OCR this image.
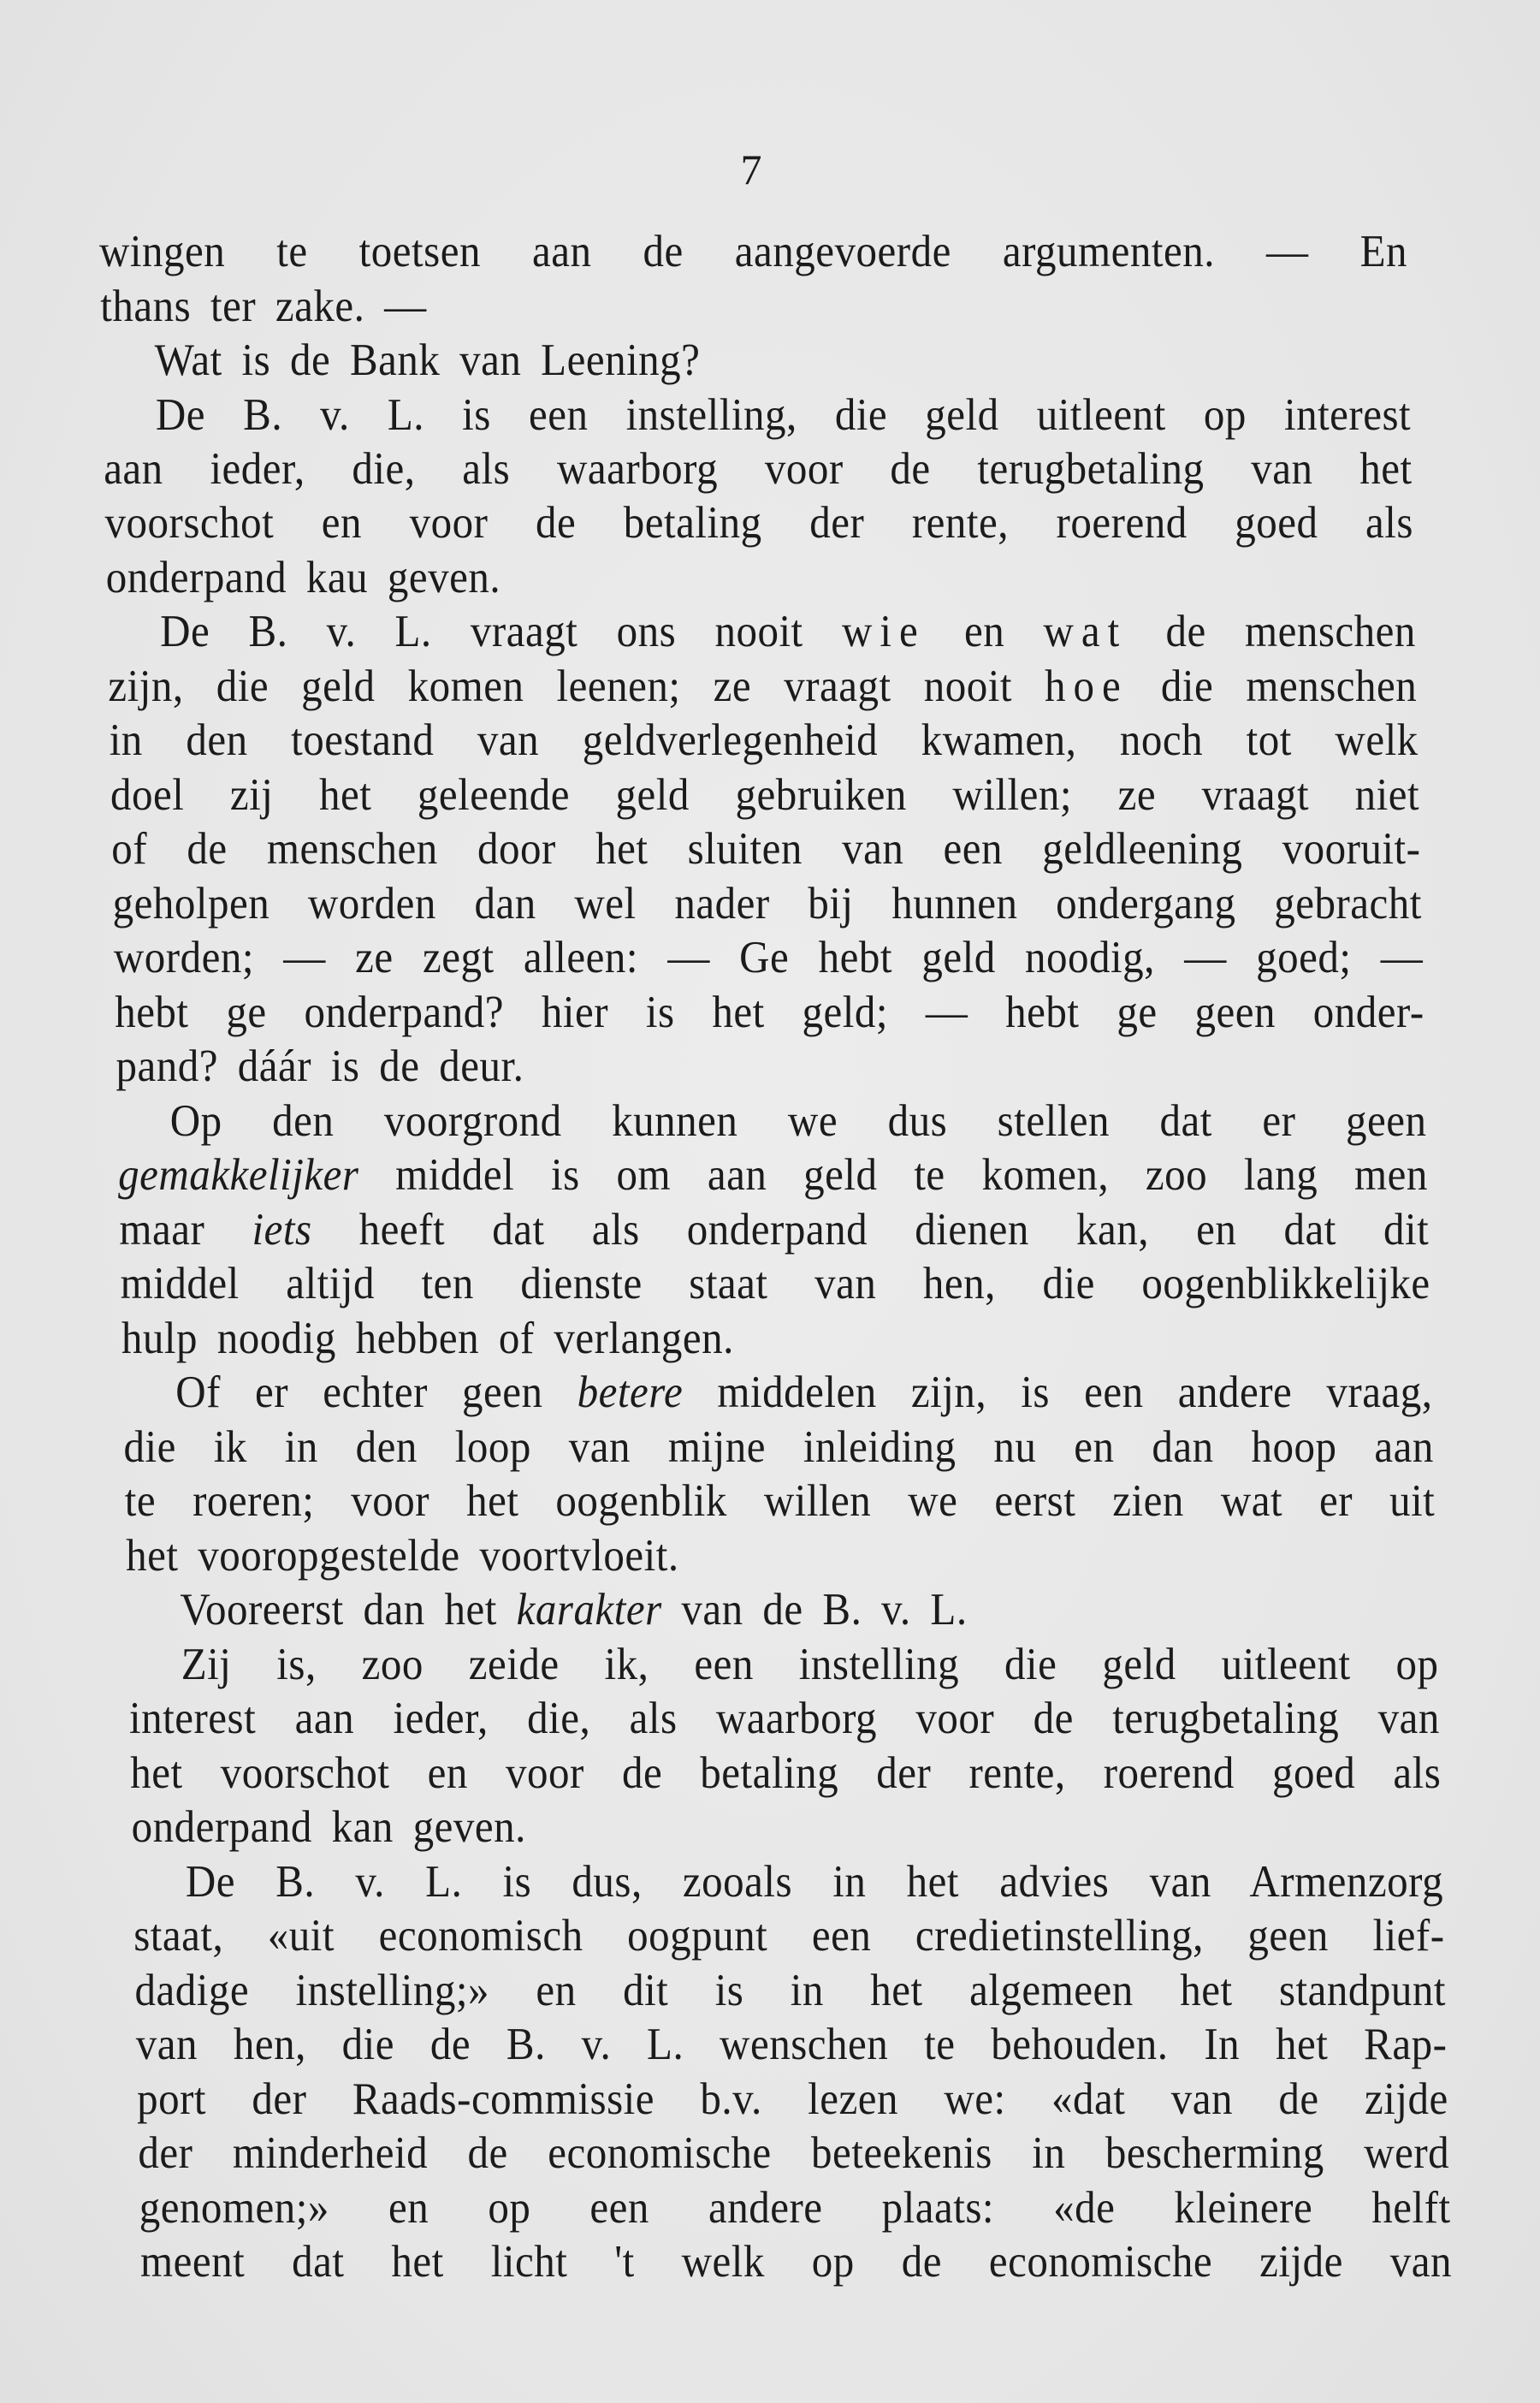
7
wingen te toetsen aan de aangevoerde argumenten. — En
thans ter zake. —
Wat is de Bank van Leening?
De B. v. L. is een instelling, die geld uitleent op interest
aan ieder, die, als waarborg voor de terugbetaling van het
voorschot en voor de betaling der rente, roerend goed als
onderpand kau geven.
De B. v. L. vraagt ons nooit wie en wat de menschen
zijn, die geld komen leenen; ze vraagt nooit hoe die menschen
in den toestand van geldverlegenheid kwamen, noch tot welk
doel zij het geleende geld gebruiken willen; ze vraagt niet
of de menschen door het sluiten van een geldleening vooruit-
geholpen worden dan wel nader bij hunnen ondergang gebracht
worden; — ze zegt alleen: — Ge hebt geld noodig, — goed; —
hebt ge onderpand? hier is het geld; — hebt ge geen onder-
pand? dáár is de deur.
Op den voorgrond kunnen we dus stellen dat er geen
gemakkelijker middel is om aan geld te komen, zoo lang men
maar iets heeft dat als onderpand dienen kan, en dat dit
middel altijd ten dienste staat van hen, die oogenblikkelijke
hulp noodig hebben of verlangen.
Of er echter geen betere middelen zijn, is een andere vraag,
die ik in den loop van mijne inleiding nu en dan hoop aan
te roeren; voor het oogenblik willen we eerst zien wat er uit
het vooropgestelde voortvloeit.
Vooreerst dan het karakter van de B. v. L.
Zij is, zoo zeide ik, een instelling die geld uitleent op
interest aan ieder, die, als waarborg voor de terugbetaling van
het voorschot en voor de betaling der rente, roerend goed als
onderpand kan geven.
De B. v. L. is dus, zooals in het advies van Armenzorg
staat, «uit economisch oogpunt een credietinstelling, geen lief-
dadige instelling;» en dit is in het algemeen het standpunt
van hen, die de B. v. L. wenschen te behouden. In het Rap-
port der Raads-commissie b.v. lezen we: «dat van de zijde
der minderheid de economische beteekenis in bescherming werd
genomen;» en op een andere plaats: «de kleinere helft
meent dat het licht 't welk op de economische zijde van
